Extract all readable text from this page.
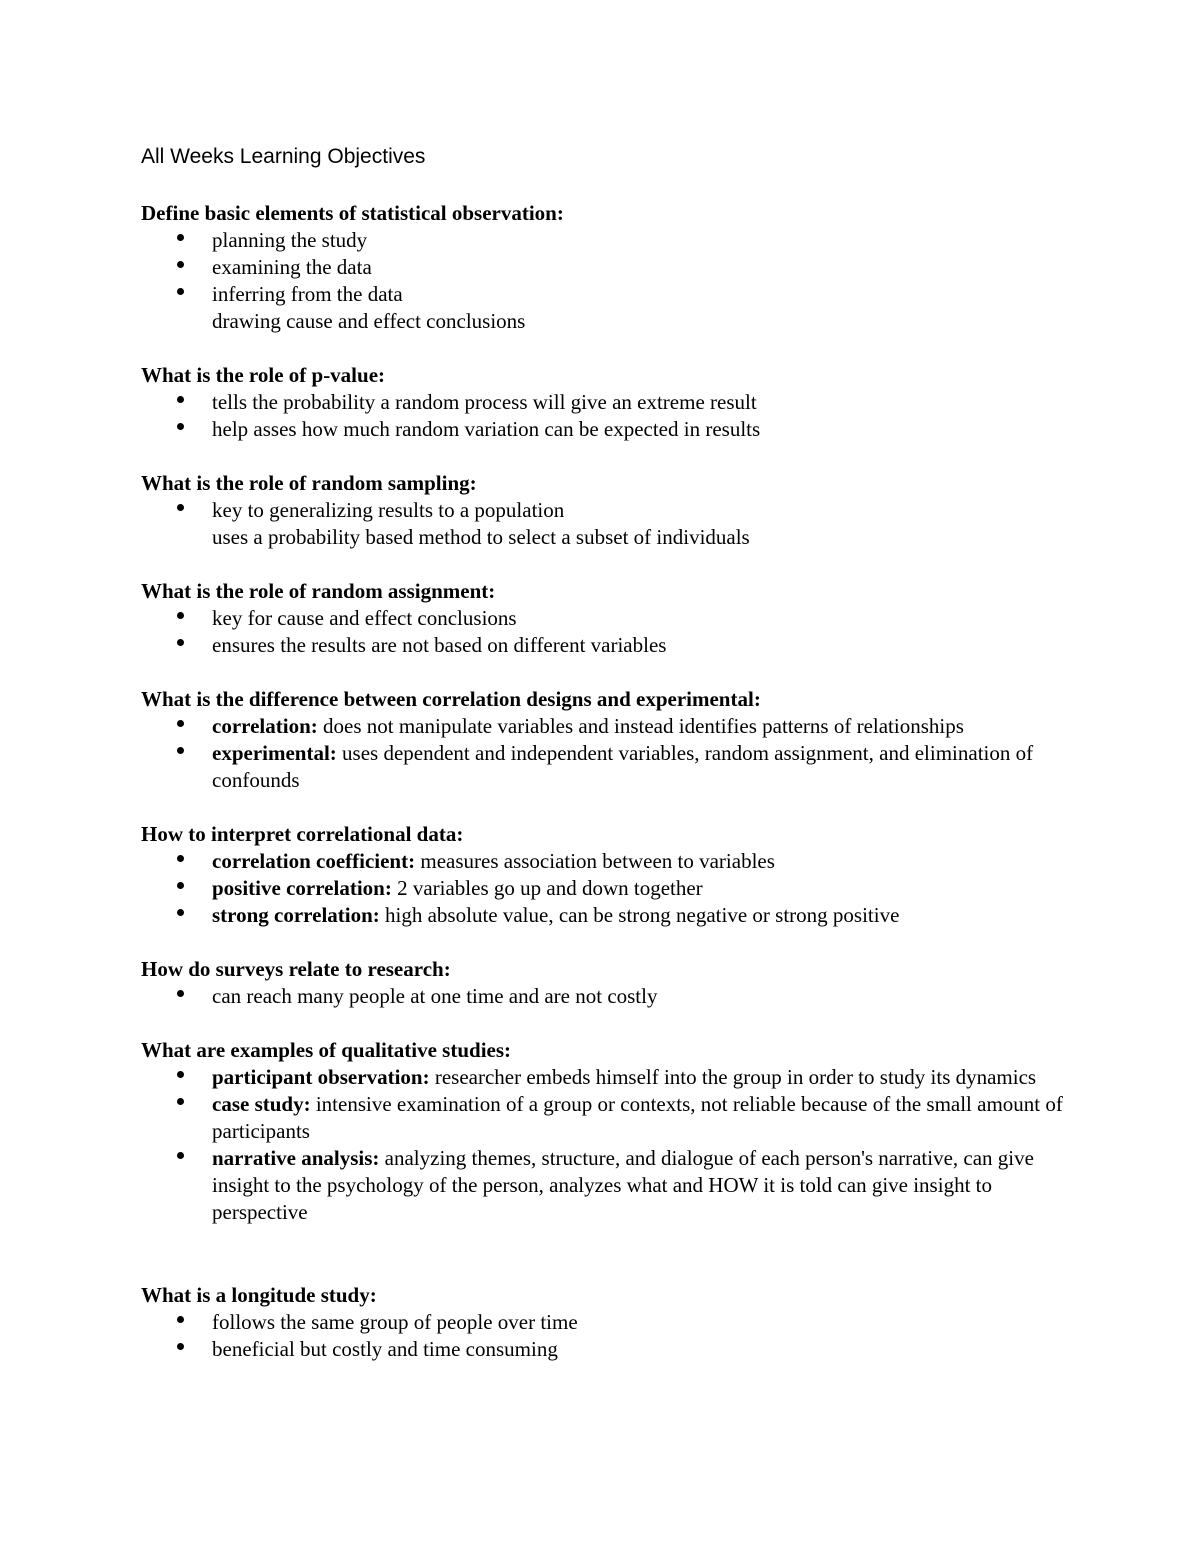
All Weeks Learning Objectives
Define basic elements of statistical observation:
planning the study
examining the data
inferring from the data
drawing cause and effect conclusions
What is the role of p-value:
tells the probability a random process will give an extreme result
help asses how much random variation can be expected in results
What is the role of random sampling:
key to generalizing results to a population
uses a probability based method to select a subset of individuals
What is the role of random assignment:
key for cause and effect conclusions
ensures the results are not based on different variables
What is the difference between correlation designs and experimental:
correlation: does not manipulate variables and instead identifies patterns of relationships
experimental: uses dependent and independent variables, random assignment, and elimination of confounds
How to interpret correlational data:
correlation coefficient: measures association between to variables
positive correlation: 2 variables go up and down together
strong correlation: high absolute value, can be strong negative or strong positive
How do surveys relate to research:
can reach many people at one time and are not costly
What are examples of qualitative studies:
participant observation: researcher embeds himself into the group in order to study its dynamics
case study: intensive examination of a group or contexts, not reliable because of the small amount of participants
narrative analysis: analyzing themes, structure, and dialogue of each person's narrative, can give insight to the psychology of the person, analyzes what and HOW it is told can give insight to perspective
What is a longitude study:
follows the same group of people over time
beneficial but costly and time consuming
